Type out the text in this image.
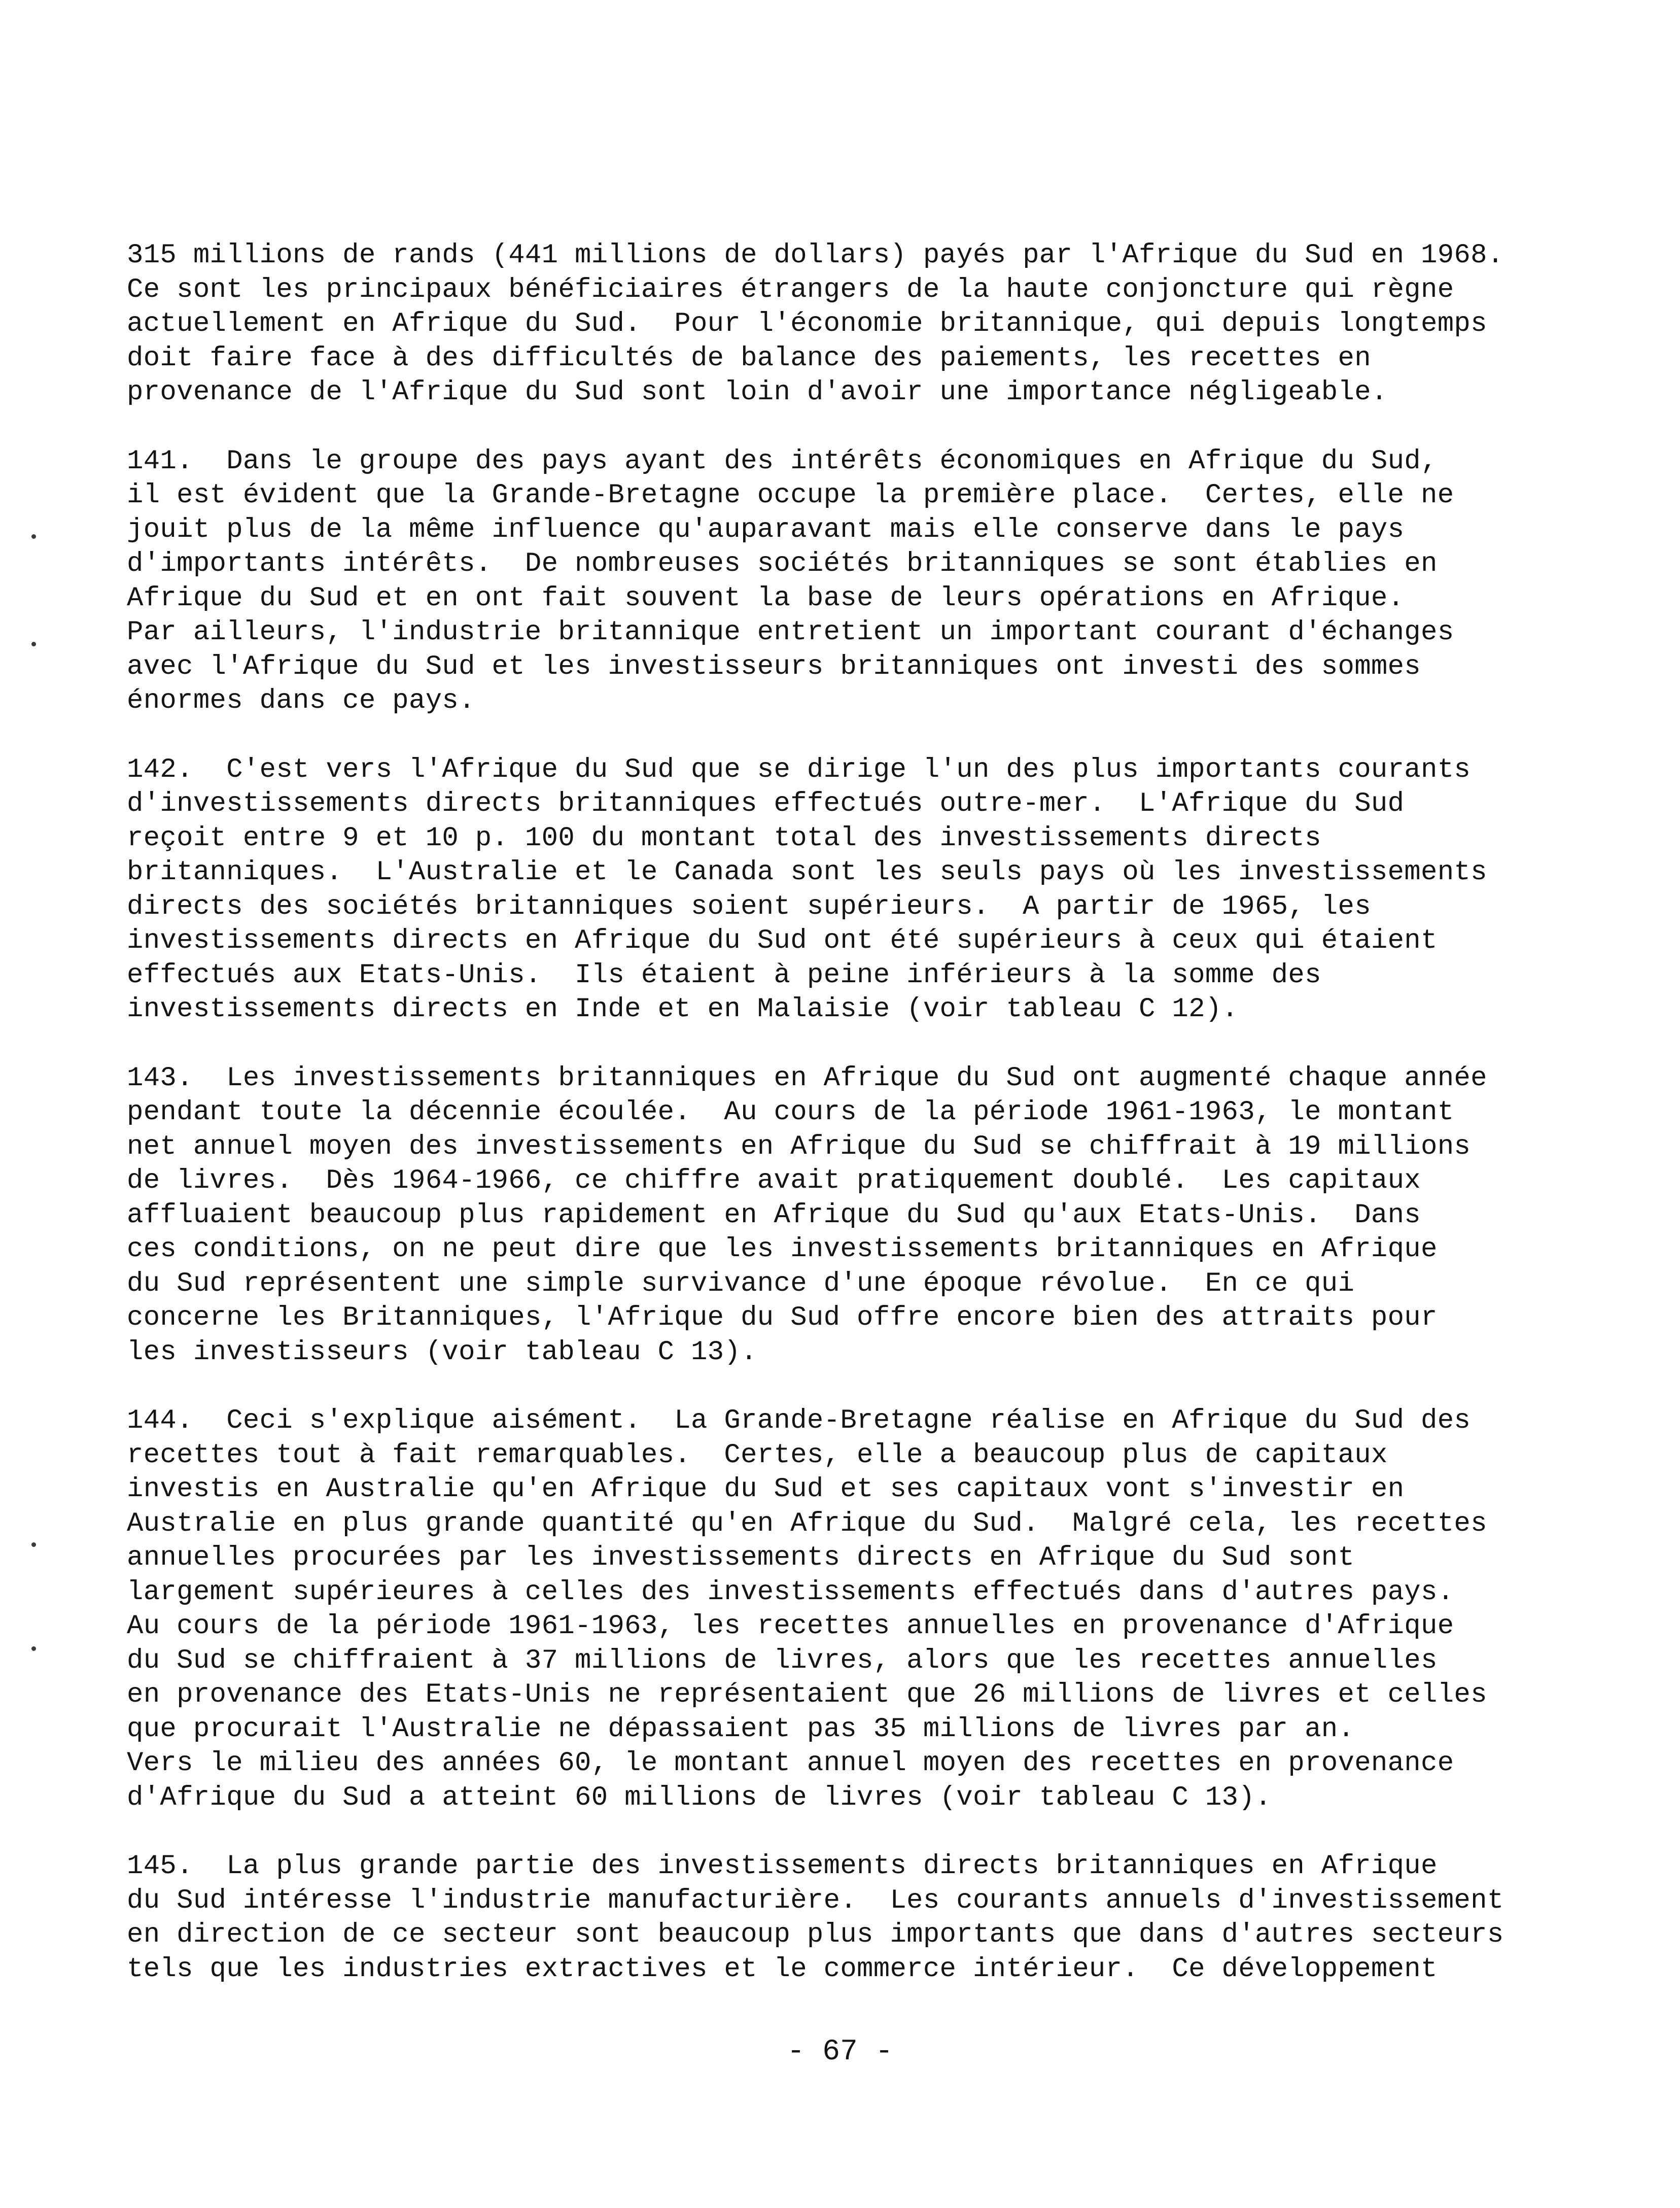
315 millions de rands (441 millions de dollars) payés par l'Afrique du Sud en 1968.
Ce sont les principaux bénéficiaires étrangers de la haute conjoncture qui règne
actuellement en Afrique du Sud.  Pour l'économie britannique, qui depuis longtemps
doit faire face à des difficultés de balance des paiements, les recettes en
provenance de l'Afrique du Sud sont loin d'avoir une importance négligeable.
141.  Dans le groupe des pays ayant des intérêts économiques en Afrique du Sud,
il est évident que la Grande-Bretagne occupe la première place.  Certes, elle ne
jouit plus de la même influence qu'auparavant mais elle conserve dans le pays
d'importants intérêts.  De nombreuses sociétés britanniques se sont établies en
Afrique du Sud et en ont fait souvent la base de leurs opérations en Afrique.
Par ailleurs, l'industrie britannique entretient un important courant d'échanges
avec l'Afrique du Sud et les investisseurs britanniques ont investi des sommes
énormes dans ce pays.
142.  C'est vers l'Afrique du Sud que se dirige l'un des plus importants courants
d'investissements directs britanniques effectués outre-mer.  L'Afrique du Sud
reçoit entre 9 et 10 p. 100 du montant total des investissements directs
britanniques.  L'Australie et le Canada sont les seuls pays où les investissements
directs des sociétés britanniques soient supérieurs.  A partir de 1965, les
investissements directs en Afrique du Sud ont été supérieurs à ceux qui étaient
effectués aux Etats-Unis.  Ils étaient à peine inférieurs à la somme des
investissements directs en Inde et en Malaisie (voir tableau C 12).
143.  Les investissements britanniques en Afrique du Sud ont augmenté chaque année
pendant toute la décennie écoulée.  Au cours de la période 1961-1963, le montant
net annuel moyen des investissements en Afrique du Sud se chiffrait à 19 millions
de livres.  Dès 1964-1966, ce chiffre avait pratiquement doublé.  Les capitaux
affluaient beaucoup plus rapidement en Afrique du Sud qu'aux Etats-Unis.  Dans
ces conditions, on ne peut dire que les investissements britanniques en Afrique
du Sud représentent une simple survivance d'une époque révolue.  En ce qui
concerne les Britanniques, l'Afrique du Sud offre encore bien des attraits pour
les investisseurs (voir tableau C 13).
144.  Ceci s'explique aisément.  La Grande-Bretagne réalise en Afrique du Sud des
recettes tout à fait remarquables.  Certes, elle a beaucoup plus de capitaux
investis en Australie qu'en Afrique du Sud et ses capitaux vont s'investir en
Australie en plus grande quantité qu'en Afrique du Sud.  Malgré cela, les recettes
annuelles procurées par les investissements directs en Afrique du Sud sont
largement supérieures à celles des investissements effectués dans d'autres pays.
Au cours de la période 1961-1963, les recettes annuelles en provenance d'Afrique
du Sud se chiffraient à 37 millions de livres, alors que les recettes annuelles
en provenance des Etats-Unis ne représentaient que 26 millions de livres et celles
que procurait l'Australie ne dépassaient pas 35 millions de livres par an.
Vers le milieu des années 60, le montant annuel moyen des recettes en provenance
d'Afrique du Sud a atteint 60 millions de livres (voir tableau C 13).
145.  La plus grande partie des investissements directs britanniques en Afrique
du Sud intéresse l'industrie manufacturière.  Les courants annuels d'investissement
en direction de ce secteur sont beaucoup plus importants que dans d'autres secteurs
tels que les industries extractives et le commerce intérieur.  Ce développement
- 67 -
